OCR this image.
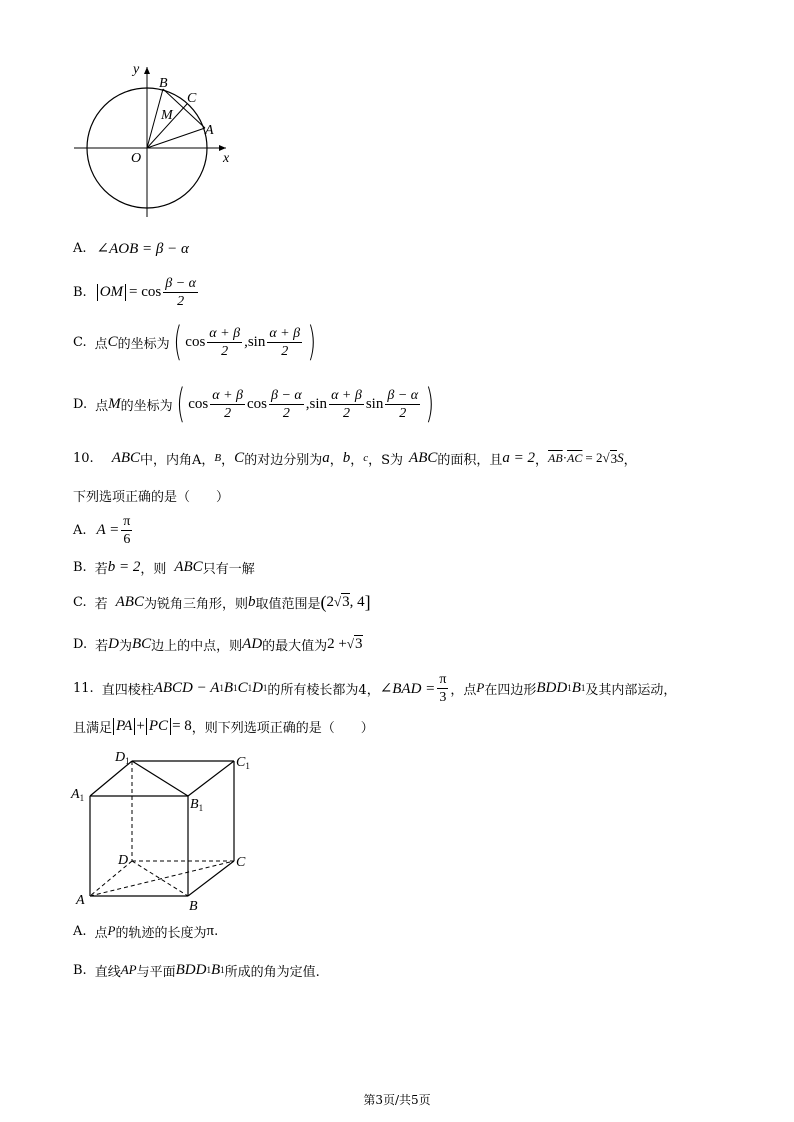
y
x
O
B
C
M
A
A. ∠AOB = β − α
B. OM = $\cos \frac{\beta - \alpha}{2}$
C. 点 C 的坐标为 ( $\cos \frac{\alpha + \beta}{2}$ , $\sin \frac{\alpha + \beta}{2}$ )
D. 点 M 的坐标为 ( $\cos \frac{\alpha + \beta}{2}$ $\cos \frac{\beta - \alpha}{2}$ , $\sin \frac{\alpha + \beta}{2}$ $\sin \frac{\beta - \alpha}{2}$ )
10. ABC 中，内角A， B ， C 的对边分别为 a ， b ， c ，S为 ABC 的面积，且 a = 2 ， $\overline{AB} \cdot \overline{AC} = 2$ √ 3 S ，
下列选项正确的是（　　）
A. $A = \frac{\pi}{6}$
B. 若 b = 2 ，则 ABC 只有一解
C. 若 ABC 为锐角三角形，则 b 取值范围是 ( 2 √ 3 , 4 ]
D. 若 D 为 BC 边上的中点，则 AD 的最大值为 2 + √ 3
11. 直四棱柱 ABCD − A 1 B 1 C 1 D 1 的所有棱长都为4， ∠BAD = $\frac{\pi}{3}$ ，点 P 在四边形 BDD 1 B 1 及其内部运动，
且满足 PA + PC = 8 ，则下列选项正确的是（　　）
$D_1$	$C_1$
$A_1$	$B_1$
D	C
A	B
A. 点 P 的轨迹的长度为 π .
B. 直线 AP 与平面 BDD 1 B 1 所成的角为定值.
第3页/共5页
